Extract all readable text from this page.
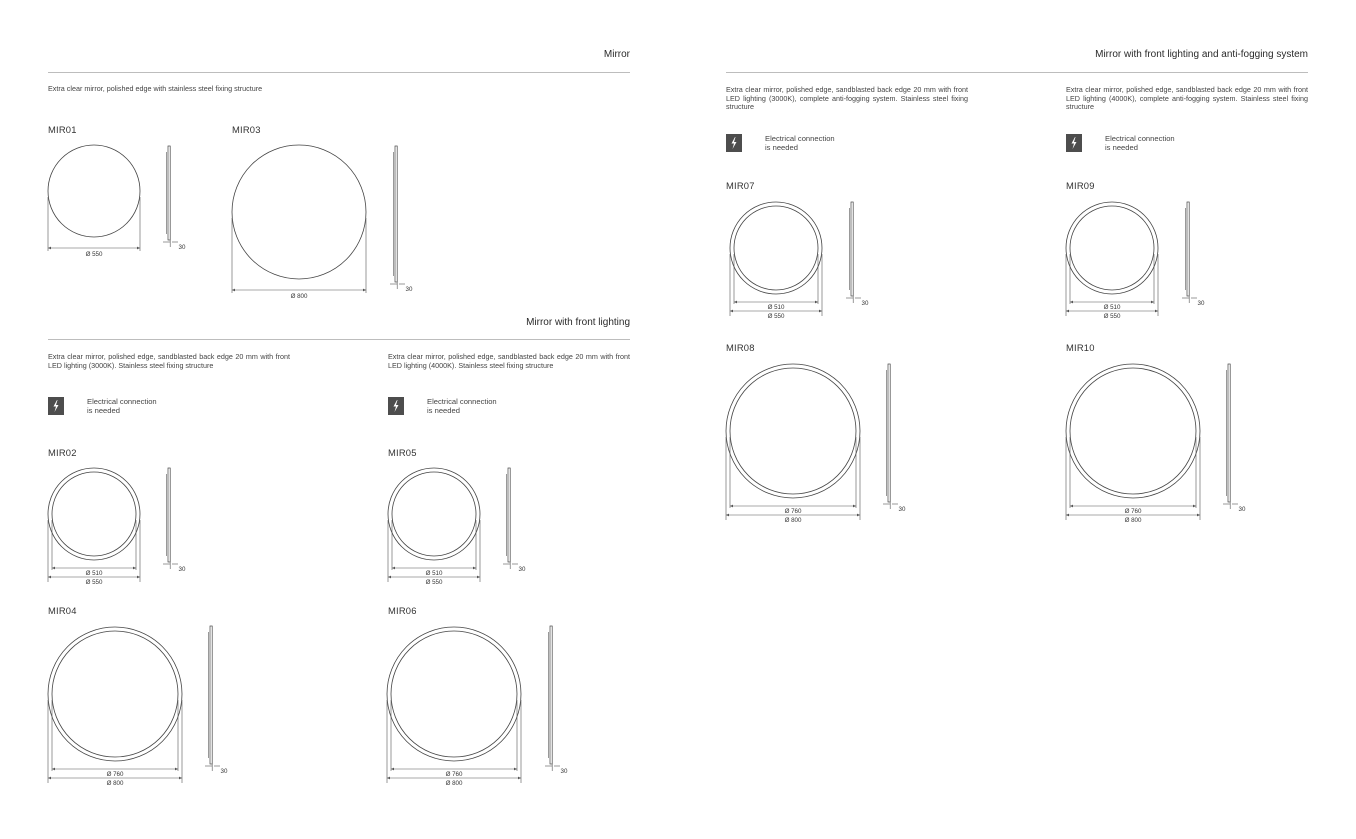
Mirror
Extra clear mirror, polished edge with stainless steel fixing structure
MIR01	MIR03
Mirror with front lighting
Extra clear mirror, polished edge, sandblasted back edge 20 mm with front LED lighting (3000K). Stainless steel fixing structure
Electrical connection
is needed
MIR02
MIR04
Extra clear mirror, polished edge, sandblasted back edge 20 mm with front LED lighting (4000K). Stainless steel fixing structure
Electrical connection
is needed
MIR05
MIR06
Mirror with front lighting and anti-fogging system
Extra clear mirror, polished edge, sandblasted back edge 20 mm with front LED lighting (3000K), complete anti-fogging system. Stainless steel fixing structure
Electrical connection
is needed
MIR07
MIR08
Extra clear mirror, polished edge, sandblasted back edge 20 mm with front LED lighting (4000K), complete anti-fogging system. Stainless steel fixing structure
Electrical connection
is needed
MIR09
MIR10
Ø 550
30
Ø 800
30
Ø 510
Ø 550
30
Ø 760
Ø 800
30
Ø 510
Ø 550
30
Ø 760
Ø 800
30
Ø 510
Ø 550
30
Ø 760
Ø 800
30
Ø 510
Ø 550
30
Ø 760
Ø 800
30
